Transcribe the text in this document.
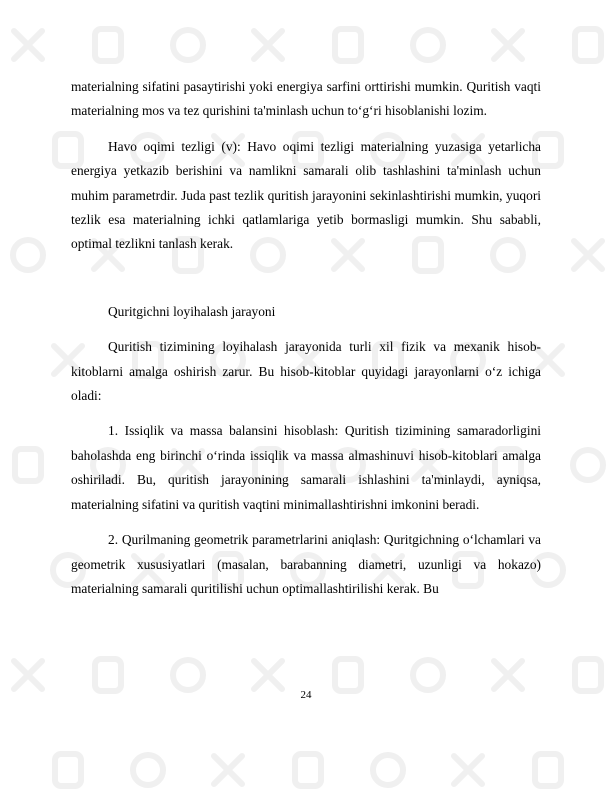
materialning sifatini pasaytirishi yoki energiya sarfini orttirishi mumkin. Quritish vaqti materialning mos va tez qurishini ta'minlash uchun to‘g‘ri hisoblanishi lozim.

Havo oqimi tezligi (v): Havo oqimi tezligi materialning yuzasiga yetarlicha energiya yetkazib berishini va namlikni samarali olib tashlashini ta'minlash uchun muhim parametrdir. Juda past tezlik quritish jarayonini sekinlashtirishi mumkin, yuqori tezlik esa materialning ichki qatlamlariga yetib bormasligi mumkin. Shu sababli, optimal tezlikni tanlash kerak.

Quritgichni loyihalash jarayoni

Quritish tizimining loyihalash jarayonida turli xil fizik va mexanik hisob-kitoblarni amalga oshirish zarur. Bu hisob-kitoblar quyidagi jarayonlarni o‘z ichiga oladi:

1. Issiqlik va massa balansini hisoblash: Quritish tizimining samaradorligini baholashda eng birinchi o‘rinda issiqlik va massa almashinuvi hisob-kitoblari amalga oshiriladi. Bu, quritish jarayonining samarali ishlashini ta'minlaydi, ayniqsa, materialning sifatini va quritish vaqtini minimallashtirishni imkonini beradi.

2. Qurilmaning geometrik parametrlarini aniqlash: Quritgichning o‘lchamlari va geometrik xususiyatlari (masalan, barabanning diametri, uzunligi va hokazo) materialning samarali quritilishi uchun optimallashtirilishi kerak. Bu

24
